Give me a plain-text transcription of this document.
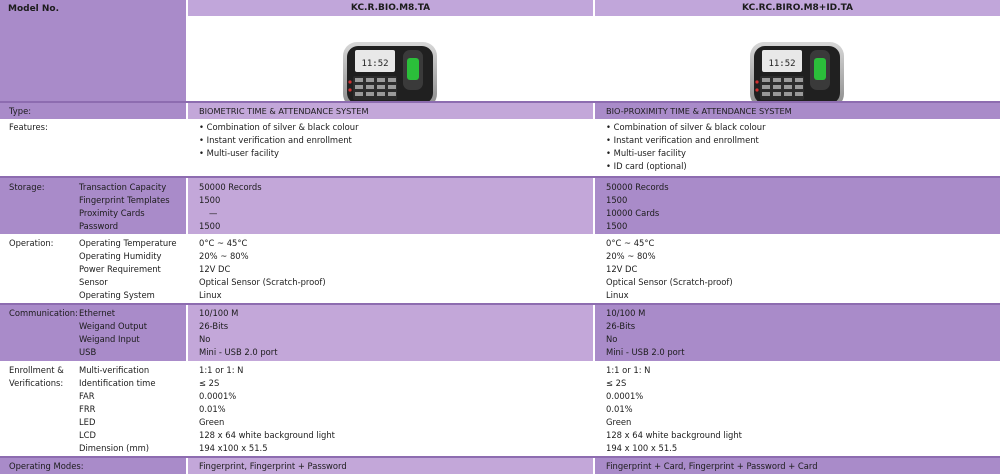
Model No.	KC.R.BIO.M8.TA	KC.RC.BIRO.M8+ID.TA
11:52	11:52
Type:	BIOMETRIC TIME & ATTENDANCE SYSTEM	BIO-PROXIMITY TIME & ATTENDANCE SYSTEM
Features:
•	Combination of silver & black colour
• Instant verification and enrollment
• Multi-user facility
• Combination of silver & black colour
• Instant verification and enrollment
• Multi-user facility
• ID card (optional)
Storage:	Transaction Capacity
Fingerprint Templates
Proximity Cards
Password
50000 Records
1500
—
1500
50000 Records
1500
10000 Cards
1500
Operation:	Operating Temperature
Operating Humidity
Power Requirement
Sensor
Operating System
0°C ~ 45°C
20% ~ 80%
12V DC
Optical Sensor (Scratch-proof)
Linux
0°C ~ 45°C
20% ~ 80%
12V DC
Optical Sensor (Scratch-proof)
Linux
Communication: Ethernet
Weigand Output
Weigand Input
USB
10/100 M
26-Bits
No
Mini - USB 2.0 port
10/100 M
26-Bits
No
Mini - USB 2.0 port
Enrollment &
Verifications:
Multi-verification
Identification time
FAR
FRR
LED
LCD
Dimension (mm)
1:1 or 1: N
≤ 2S
0.0001%
0.01%
Green
128 x 64 white background light
194 x100 x 51.5
1:1 or 1: N
≤ 2S
0.0001%
0.01%
Green
128 x 64 white background light
194 x 100 x 51.5
Operating Modes:	Fingerprint, Fingerprint + Password	Fingerprint + Card, Fingerprint + Password + Card
